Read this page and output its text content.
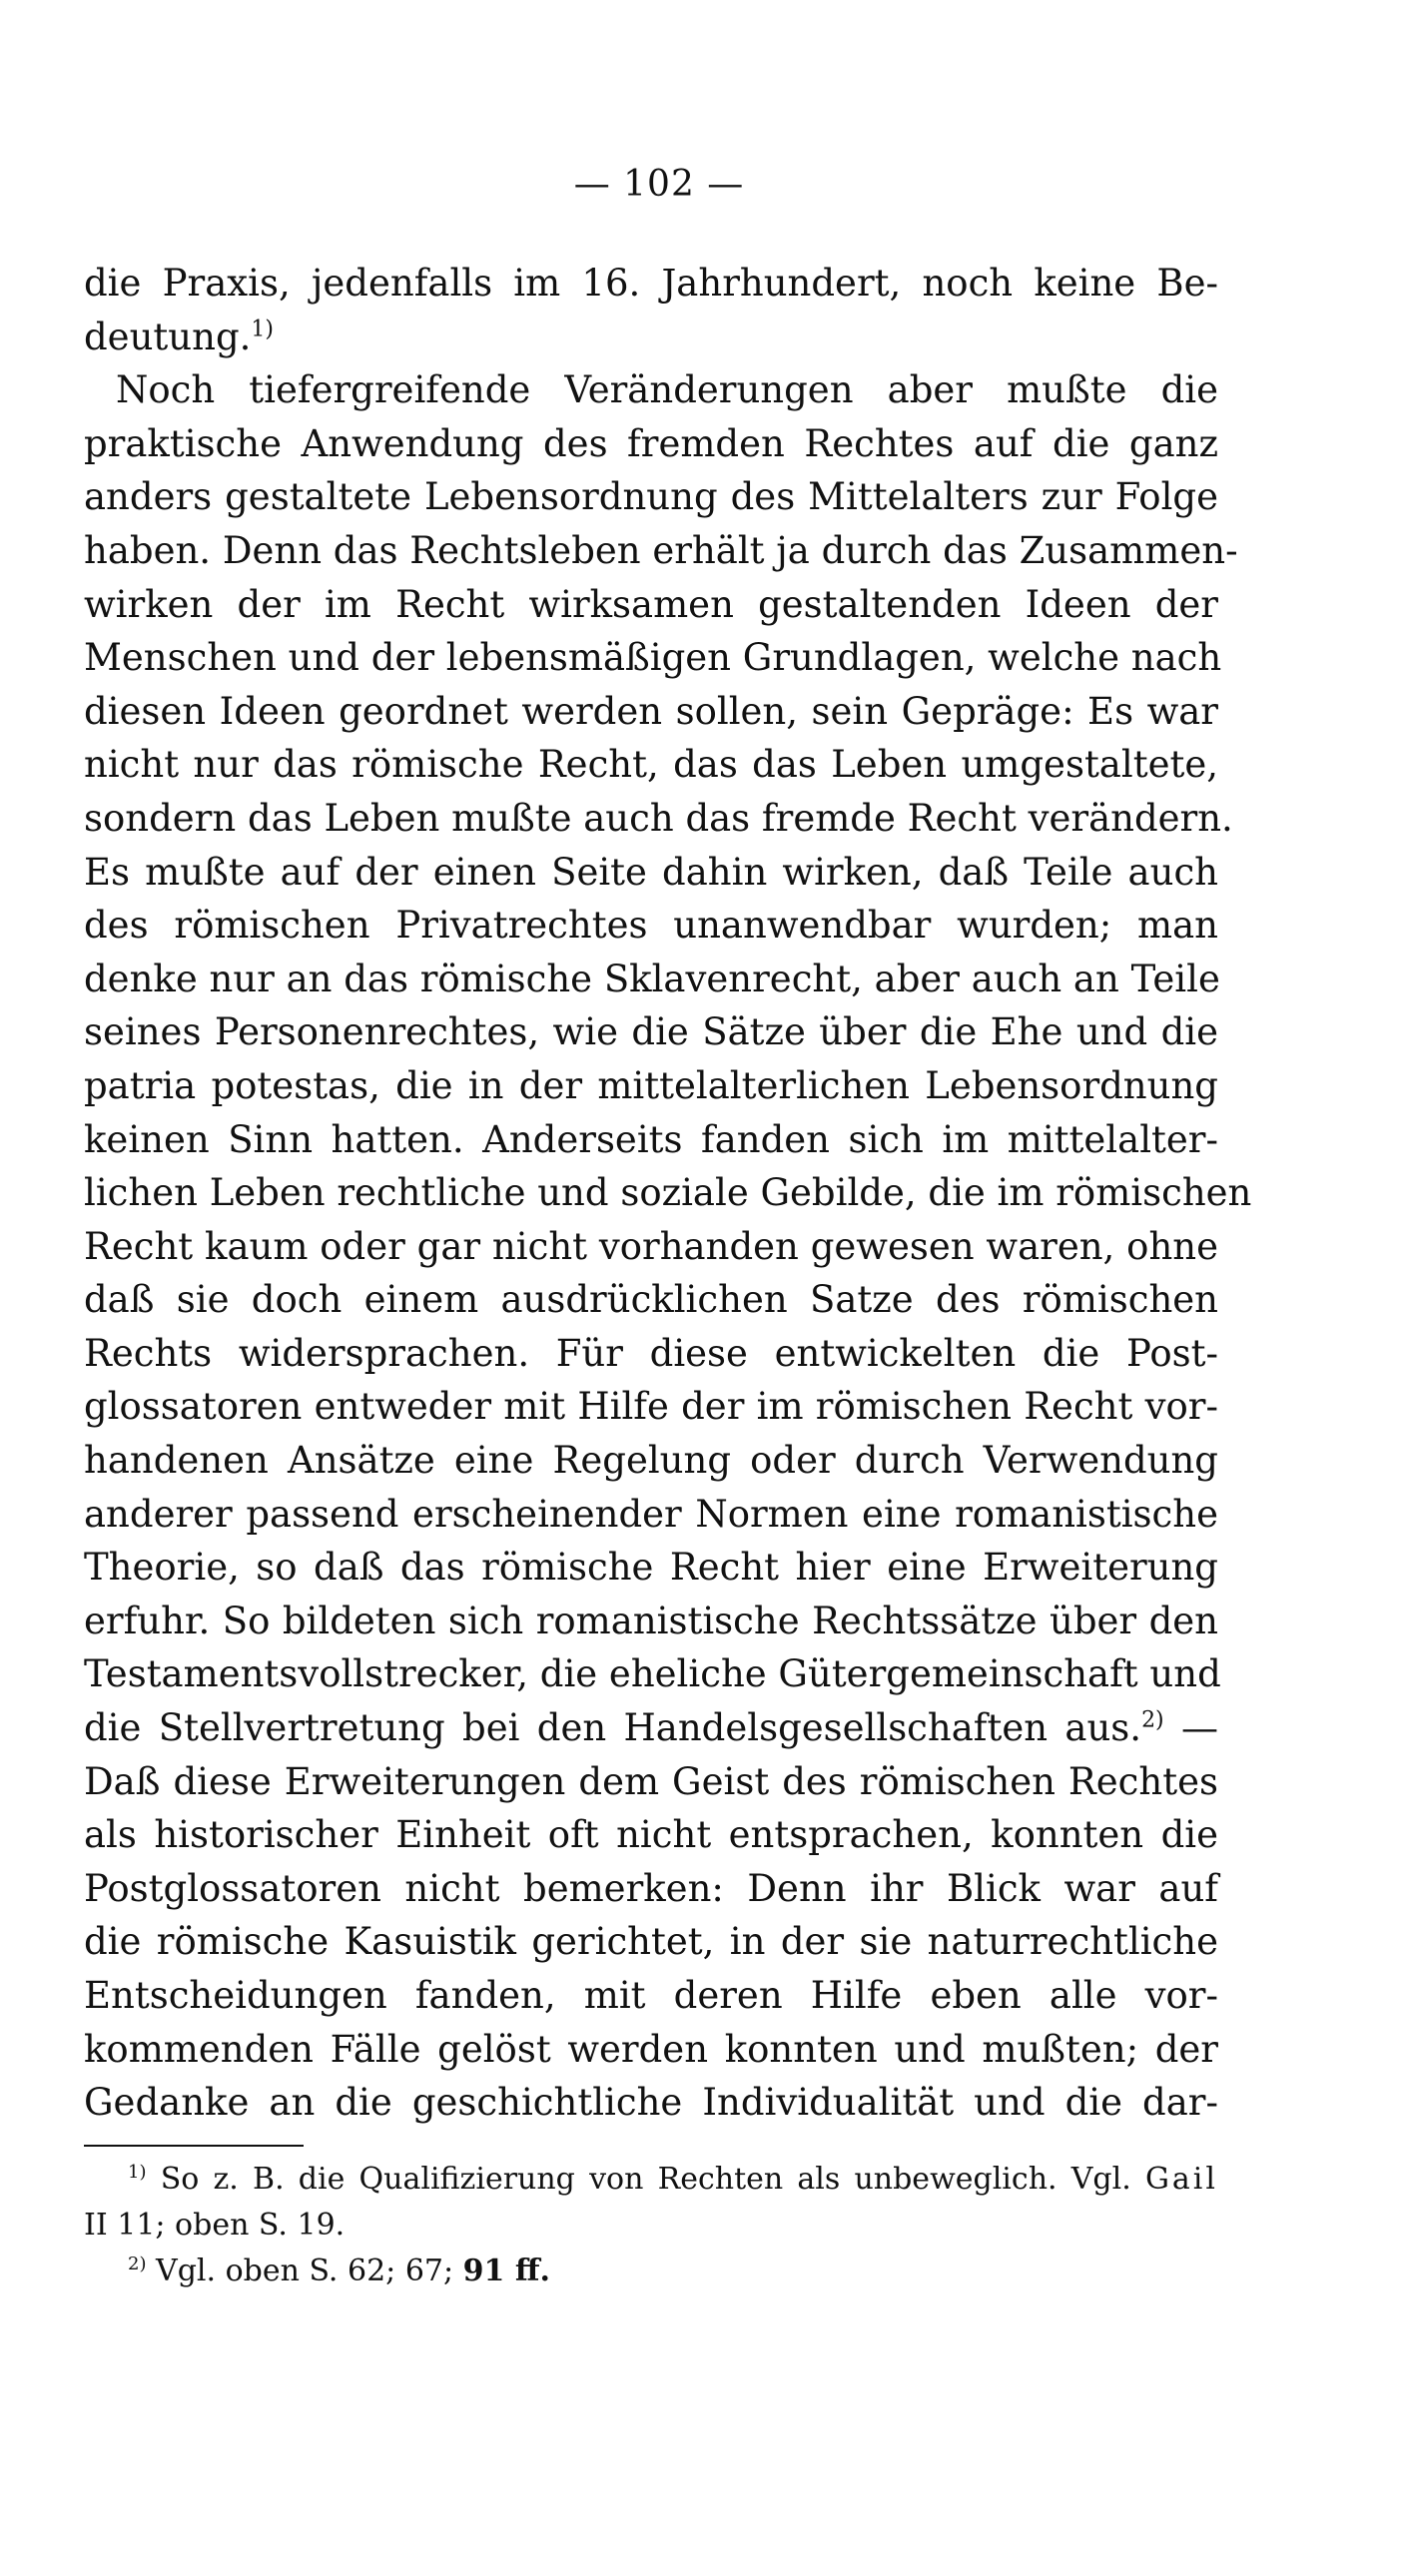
— 102 —
die Praxis, jedenfalls im 16. Jahrhundert, noch keine Be-
deutung.$^{1)}$
Noch tiefergreifende Veränderungen aber mußte die
praktische Anwendung des fremden Rechtes auf die ganz
anders gestaltete Lebensordnung des Mittelalters zur Folge
haben. Denn das Rechtsleben erhält ja durch das Zusammen-
wirken der im Recht wirksamen gestaltenden Ideen der
Menschen und der lebensmäßigen Grundlagen, welche nach
diesen Ideen geordnet werden sollen, sein Gepräge: Es war
nicht nur das römische Recht, das das Leben umgestaltete,
sondern das Leben mußte auch das fremde Recht verändern.
Es mußte auf der einen Seite dahin wirken, daß Teile auch
des römischen Privatrechtes unanwendbar wurden; man
denke nur an das römische Sklavenrecht, aber auch an Teile
seines Personenrechtes, wie die Sätze über die Ehe und die
patria potestas, die in der mittelalterlichen Lebensordnung
keinen Sinn hatten. Anderseits fanden sich im mittelalter-
lichen Leben rechtliche und soziale Gebilde, die im römischen
Recht kaum oder gar nicht vorhanden gewesen waren, ohne
daß sie doch einem ausdrücklichen Satze des römischen
Rechts widersprachen. Für diese entwickelten die Post-
glossatoren entweder mit Hilfe der im römischen Recht vor-
handenen Ansätze eine Regelung oder durch Verwendung
anderer passend erscheinender Normen eine romanistische
Theorie, so daß das römische Recht hier eine Erweiterung
erfuhr. So bildeten sich romanistische Rechtssätze über den
Testamentsvollstrecker, die eheliche Gütergemeinschaft und
die Stellvertretung bei den Handelsgesellschaften aus.$^{2)}$ —
Daß diese Erweiterungen dem Geist des römischen Rechtes
als historischer Einheit oft nicht entsprachen, konnten die
Postglossatoren nicht bemerken: Denn ihr Blick war auf
die römische Kasuistik gerichtet, in der sie naturrechtliche
Entscheidungen fanden, mit deren Hilfe eben alle vor-
kommenden Fälle gelöst werden konnten und mußten; der
Gedanke an die geschichtliche Individualität und die dar-
$^{1)}$ So z. B. die Qualifizierung von Rechten als unbeweglich. Vgl. Gail
II 11; oben S. 19.
$^{2)}$ Vgl. oben S. 62; 67; 91 ff.
